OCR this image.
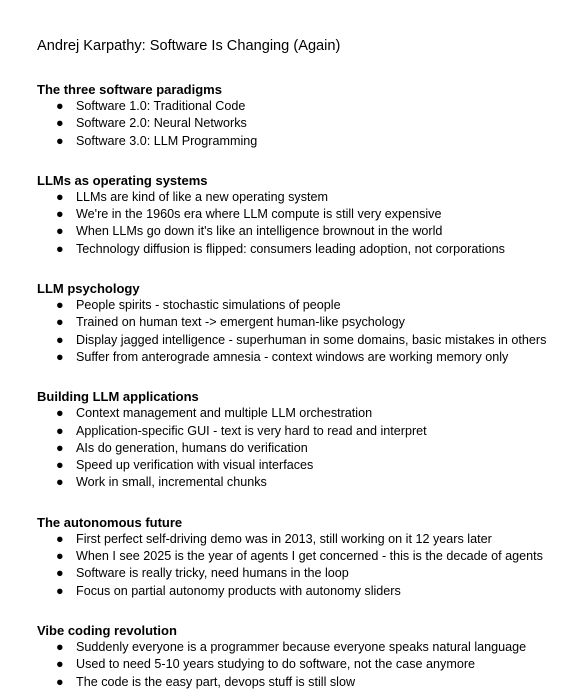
Andrej Karpathy: Software Is Changing (Again)
The three software paradigms
● Software 1.0: Traditional Code
● Software 2.0: Neural Networks
● Software 3.0: LLM Programming
LLMs as operating systems
● LLMs are kind of like a new operating system
● We're in the 1960s era where LLM compute is still very expensive
● When LLMs go down it's like an intelligence brownout in the world
● Technology diffusion is flipped: consumers leading adoption, not corporations
LLM psychology
● People spirits - stochastic simulations of people
● Trained on human text -> emergent human-like psychology
● Display jagged intelligence - superhuman in some domains, basic mistakes in others
● Suffer from anterograde amnesia - context windows are working memory only
Building LLM applications
● Context management and multiple LLM orchestration
● Application-specific GUI - text is very hard to read and interpret
● AIs do generation, humans do verification
● Speed up verification with visual interfaces
● Work in small, incremental chunks
The autonomous future
● First perfect self-driving demo was in 2013, still working on it 12 years later
● When I see 2025 is the year of agents I get concerned - this is the decade of agents
● Software is really tricky, need humans in the loop
● Focus on partial autonomy products with autonomy sliders
Vibe coding revolution
● Suddenly everyone is a programmer because everyone speaks natural language
● Used to need 5-10 years studying to do software, not the case anymore
● The code is the easy part, devops stuff is still slow
